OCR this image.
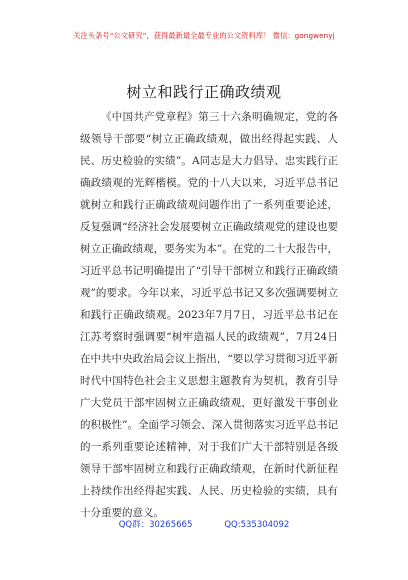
关注头条号“公文研究”，获得最新最全最专业的公文资料库！ 微信：gongwenyj
树立和践行正确政绩观

《中国共产党章程》第三十六条明确规定，党的各级领导干部要“树立正确政绩观，做出经得起实践、人民、历史检验的实绩”。A同志是大力倡导、忠实践行正确政绩观的光辉楷模。党的十八大以来，习近平总书记就树立和践行正确政绩观问题作出了一系列重要论述，反复强调“经济社会发展要树立正确政绩观党的建设也要树立正确政绩观，要务实为本”。在党的二十大报告中，习近平总书记明确提出了“引导干部树立和践行正确政绩观”的要求。今年以来，习近平总书记又多次强调要树立和践行正确政绩观。2023年7月7日，习近平总书记在江苏考察时强调要“树牢造福人民的政绩观”，7月24日在中共中央政治局会议上指出，“要以学习贯彻习近平新时代中国特色社会主义思想主题教育为契机，教育引导广大党员干部牢固树立正确政绩观，更好激发干事创业的积极性”。全面学习领会、深入贯彻落实习近平总书记的一系列重要论述精神，对于我们广大干部特别是各级领导干部牢固树立和践行正确政绩观，在新时代新征程上持续作出经得起实践、人民、历史检验的实绩，具有十分重要的意义。

QQ群：30265665	QQ:535304092
